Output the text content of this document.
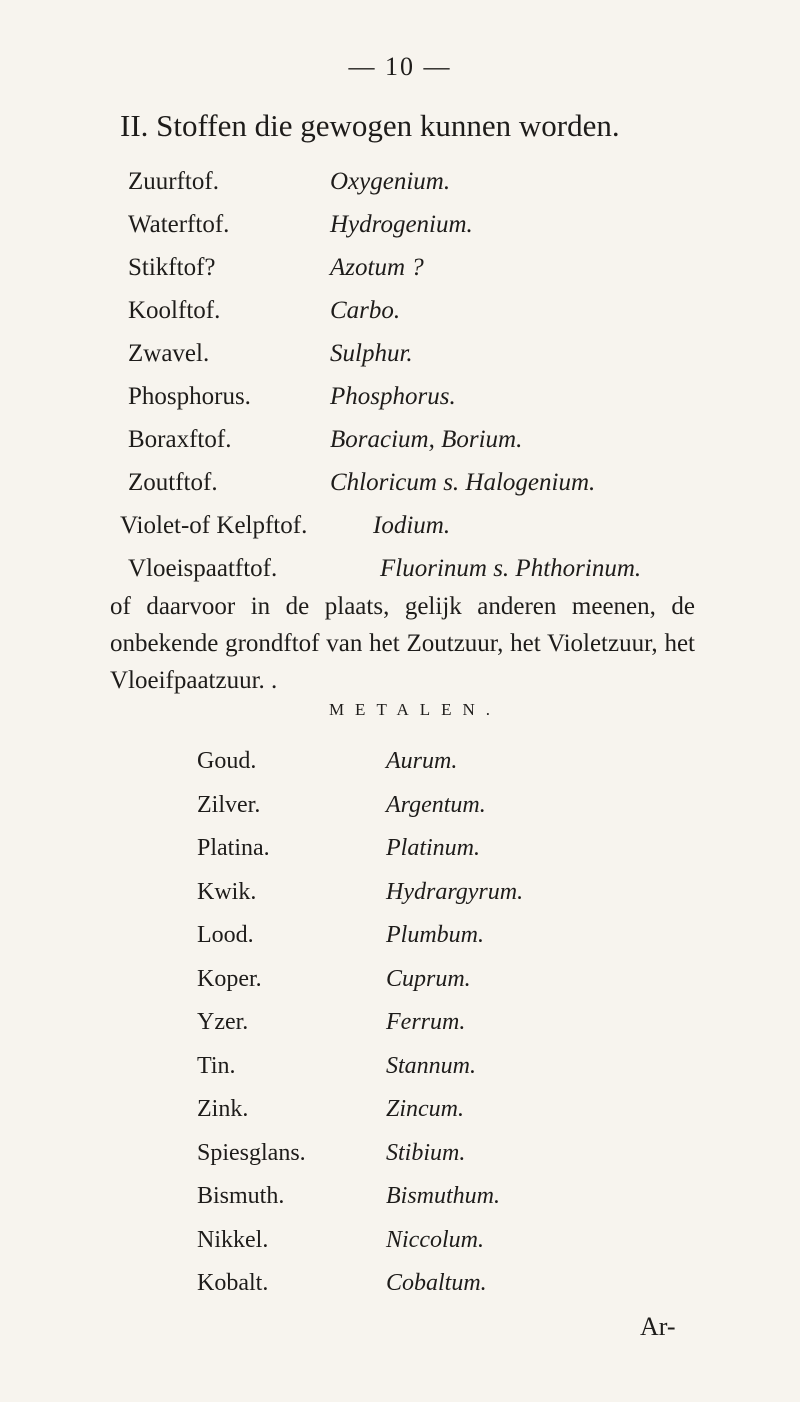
— 10 —
II. Stoffen die gewogen kunnen worden.
Zuurftof.	Oxygenium.
Waterftof.	Hydrogenium.
Stikftof?	Azotum ?
Koolftof.	Carbo.
Zwavel.	Sulphur.
Phosphorus.	Phosphorus.
Boraxftof.	Boracium, Borium.
Zoutftof.	Chloricum s. Halogenium.
Violet-of Kelpftof.	Iodium.
Vloeispaatftof.	Fluorinum s. Phthorinum.
of daarvoor in de plaats, gelijk anderen meenen, de onbekende grondftof van het Zoutzuur, het Violetzuur, het Vloeifpaatzuur. .
METALEN.
Goud.	Aurum.
Zilver.	Argentum.
Platina.	Platinum.
Kwik.	Hydrargyrum.
Lood.	Plumbum.
Koper.	Cuprum.
Yzer.	Ferrum.
Tin.	Stannum.
Zink.	Zincum.
Spiesglans.	Stibium.
Bismuth.	Bismuthum.
Nikkel.	Niccolum.
Kobalt.	Cobaltum.
Ar-
